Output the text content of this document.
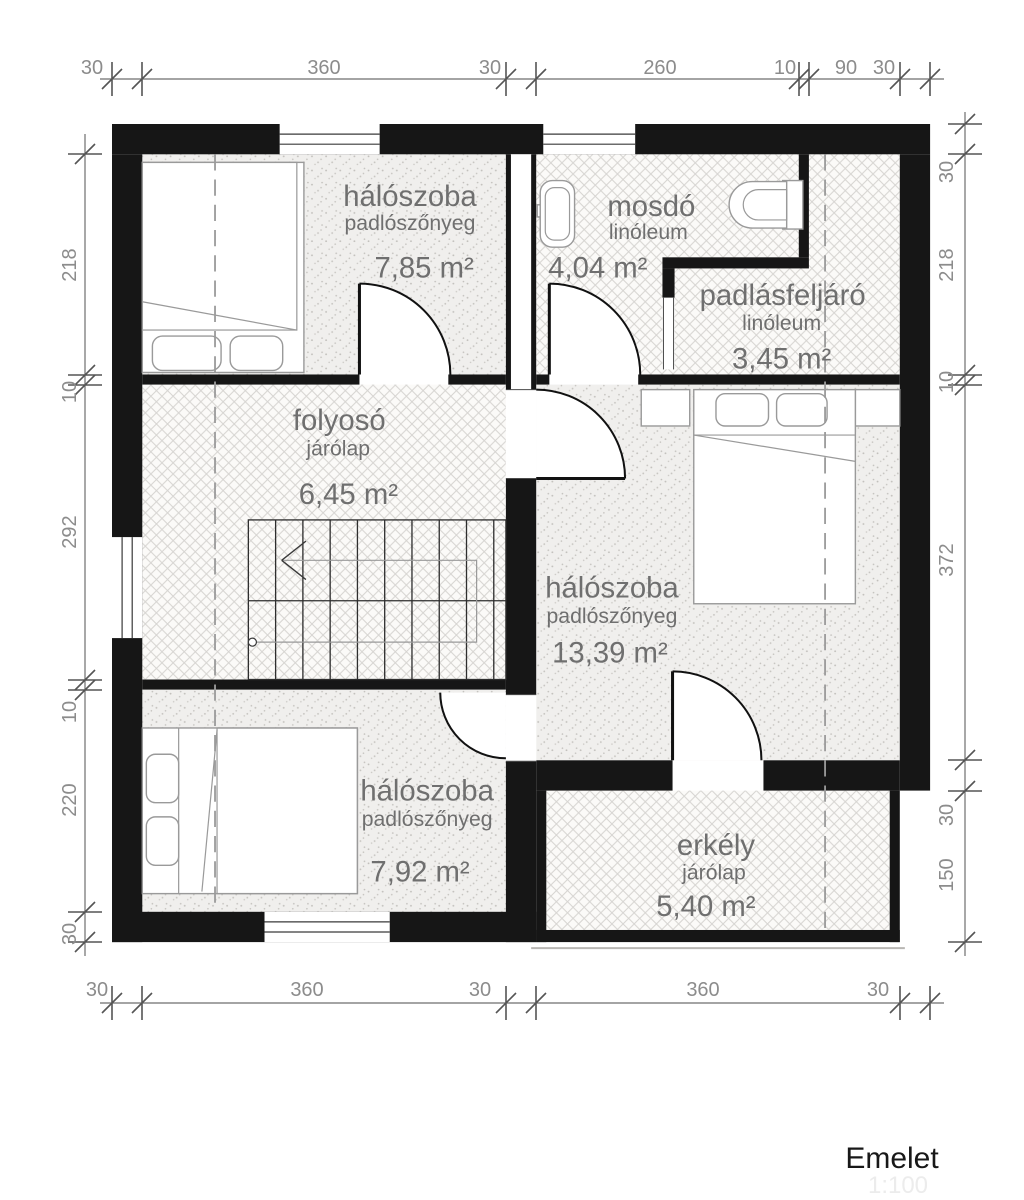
hálószoba
padlószőnyeg
7,85 m²
mosdó
linóleum
4,04 m²
padlásfeljáró
linóleum
3,45 m²
folyosó
járólap
6,45 m²
hálószoba
padlószőnyeg
13,39 m²
hálószoba
padlószőnyeg
7,92 m²
erkély
járólap
5,40 m²
30	360	30	260	10 90 30
30	360	30	360	30
218
10
292
10
220
30
30
218
10
372
30
150
Emelet
1:100
